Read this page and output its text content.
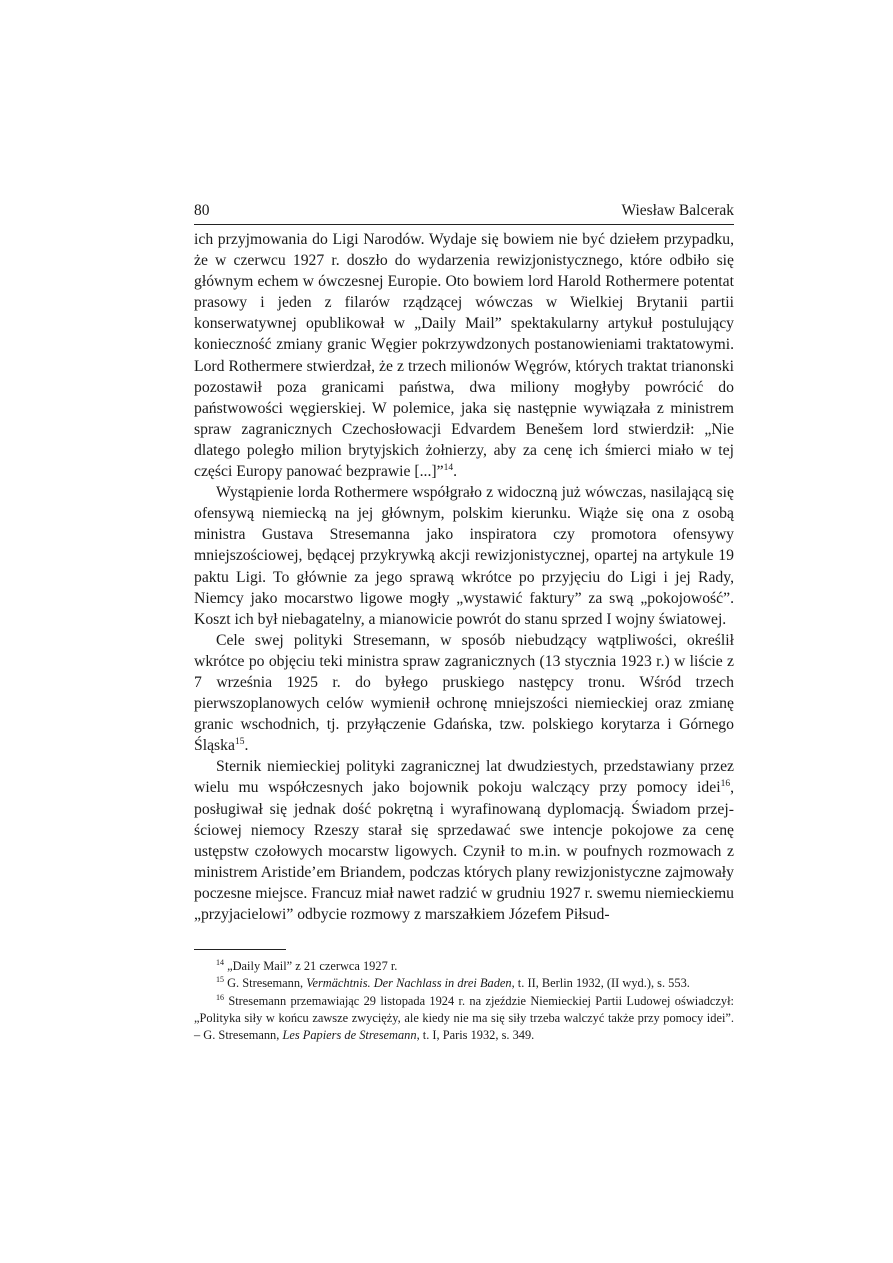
80	Wiesław Balcerak

ich przyjmowania do Ligi Narodów. Wydaje się bowiem nie być dziełem przypadku, że w czerwcu 1927 r. doszło do wydarzenia rewizjonistycznego, które odbiło się głównym echem w ówczesnej Europie. Oto bowiem lord Harold Rothermere potentat prasowy i jeden z filarów rządzącej wówczas w Wielkiej Brytanii partii konserwatywnej opublikował w „Daily Mail” spektakularny artykuł postulujący konieczność zmiany granic Węgier pokrzywdzonych postanowieniami traktatowymi. Lord Rothermere stwierdzał, że z trzech milionów Węgrów, których traktat trianonski pozostawił poza granicami państwa, dwa miliony mogłyby powrócić do państwowości węgierskiej. W polemice, jaka się następnie wywiązała z ministrem spraw zagranicznych Czechosłowacji Edvardem Benešem lord stwierdził: „Nie dlatego poległo milion brytyjskich żołnierzy, aby za cenę ich śmierci miało w tej części Europy panować bezprawie [...]”$^{14}$.

Wystąpienie lorda Rothermere współgrało z widoczną już wówczas, nasilającą się ofensywą niemiecką na jej głównym, polskim kierunku. Wiąże się ona z osobą ministra Gustava Stresemanna jako inspiratora czy promotora ofensywy mniejszościowej, będącej przykrywką akcji rewizjonistycznej, opartej na artykule 19 paktu Ligi. To głównie za jego sprawą wkrótce po przyjęciu do Ligi i jej Rady, Niemcy jako mocarstwo ligowe mogły „wystawić faktury” za swą „pokojowość”. Koszt ich był niebagatelny, a mianowicie powrót do stanu sprzed I wojny światowej.

Cele swej polityki Stresemann, w sposób niebudzący wątpliwości, określił wkrótce po objęciu teki ministra spraw zagranicznych (13 stycznia 1923 r.) w liście z 7 września 1925 r. do byłego pruskiego następcy tronu. Wśród trzech pierwszoplanowych celów wymienił ochronę mniejszości niemieckiej oraz zmianę granic wschodnich, tj. przyłączenie Gdańska, tzw. polskiego korytarza i Górnego Śląska$^{15}$.

Sternik niemieckiej polityki zagranicznej lat dwudziestych, przedstawiany przez wielu mu współczesnych jako bojownik pokoju walczący przy pomocy idei$^{16}$, posługiwał się jednak dość pokrętną i wyrafinowaną dyplomacją. Świadom przejściowej niemocy Rzeszy starał się sprzedawać swe intencje pokojowe za cenę ustępstw czołowych mocarstw ligowych. Czynił to m.in. w poufnych rozmowach z ministrem Aristide’em Briandem, podczas których plany rewizjonistyczne zajmowały poczesne miejsce. Francuz miał nawet radzić w grudniu 1927 r. swemu niemieckiemu „przyjacielowi” odbycie rozmowy z marszałkiem Józefem Piłsud-

$^{14}$ „Daily Mail” z 21 czerwca 1927 r.

$^{15}$ G. Stresemann, Vermächtnis. Der Nachlass in drei Baden, t. II, Berlin 1932, (II wyd.), s. 553.

$^{16}$ Stresemann przemawiając 29 listopada 1924 r. na zjeździe Niemieckiej Partii Ludowej oświadczył: „Polityka siły w końcu zawsze zwycięży, ale kiedy nie ma się siły trzeba walczyć także przy pomocy idei”. – G. Stresemann, Les Papiers de Stresemann, t. I, Paris 1932, s. 349.
